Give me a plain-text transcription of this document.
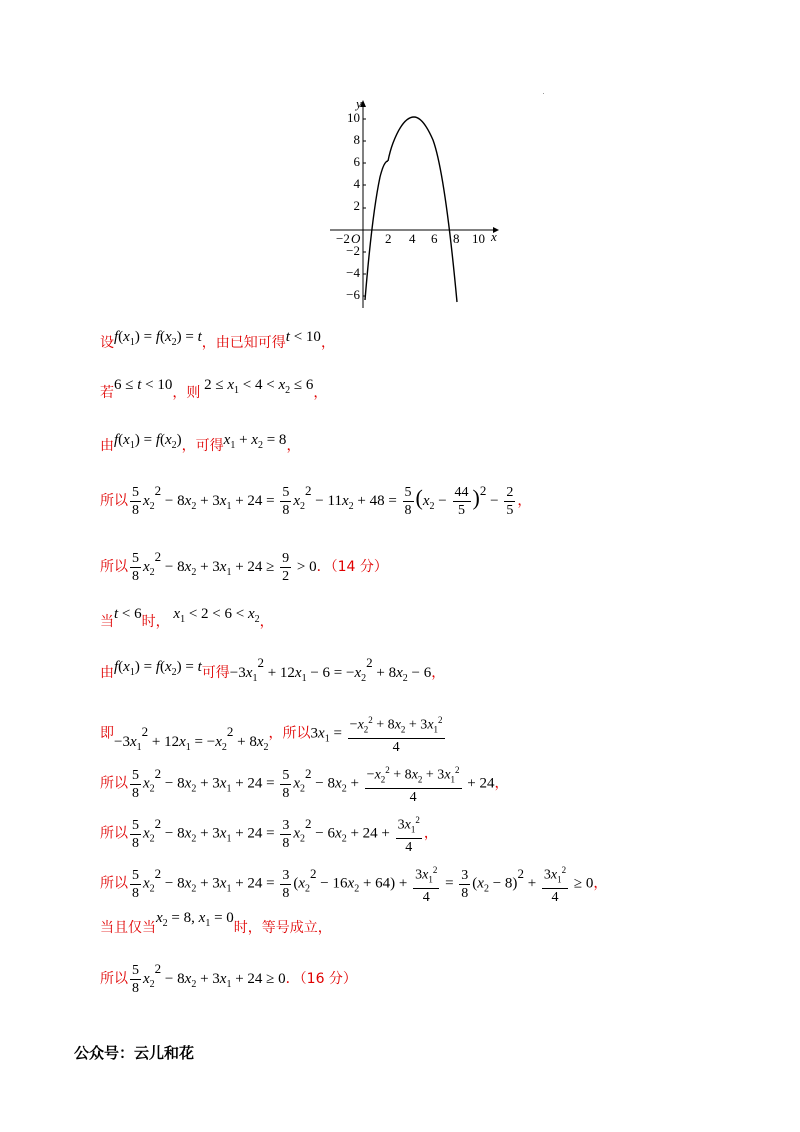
x
y
O
−2	2 4 6 8 10
10
8
6
4
2
−2
−4
−6
设$f(x_1) = f(x_2) = t$，由已知可得t < 10，
若6 ≤ t < 10，则 $2 \le x_1 < 4 < x_2 \le 6$，
由$f(x_1) = f(x_2)$，可得$x_1 + x_2 = 8$，
所以 $\frac{5}{8} x_22 - 8x_2 + 3x_1 + 24 = \frac{5}{8} x_22 - 11x_2 + 48 = \frac{5}{8} (x_2 - \frac{44}{5} )2 - \frac{2}{5}$ ，
所以 $\frac{5}{8} x_22 - 8x_2 + 3x_1 + 24 \ge \frac{9}{2} > 0$．（14 分）
当t < 6时， $x_1 < 2 < 6 < x_2$，
由$f(x_1) = f(x_2) = t$可得$-3x_12 + 12x_1 - 6 = -x_22 + 8x_2 - 6$，
即$-3x_12 + 12x_1 = -x_22 + 8x_2$，所以$3x_1 = \frac{-x_2^2 + 8x_2 + 3x_1^2}{4}$
所以 $\frac{5}{8} x_22 - 8x_2 + 3x_1 + 24 = \frac{5}{8} x_22 - 8x_2 + \frac{-x_2^2 + 8x_2 + 3x_1^2}{4} + 24$，
所以 $\frac{5}{8} x_22 - 8x_2 + 3x_1 + 24 = \frac{3}{8} x_22 - 6x_2 + 24 + \frac{3x_1^2}{4}$ ，
所以 $\frac{5}{8} x_22 - 8x_2 + 3x_1 + 24 = \frac{3}{8} (x_22 - 16x_2 + 64) + \frac{3x_1^2}{4} = \frac{3}{8} (x_2 - 8)2 + \frac{3x_1^2}{4} \ge 0$，
当且仅当$x_2 = 8$, $x_1 = 0$时，等号成立，
所以 $\frac{5}{8} x_22 - 8x_2 + 3x_1 + 24 \ge 0$．（16 分）
公众号：云儿和花
